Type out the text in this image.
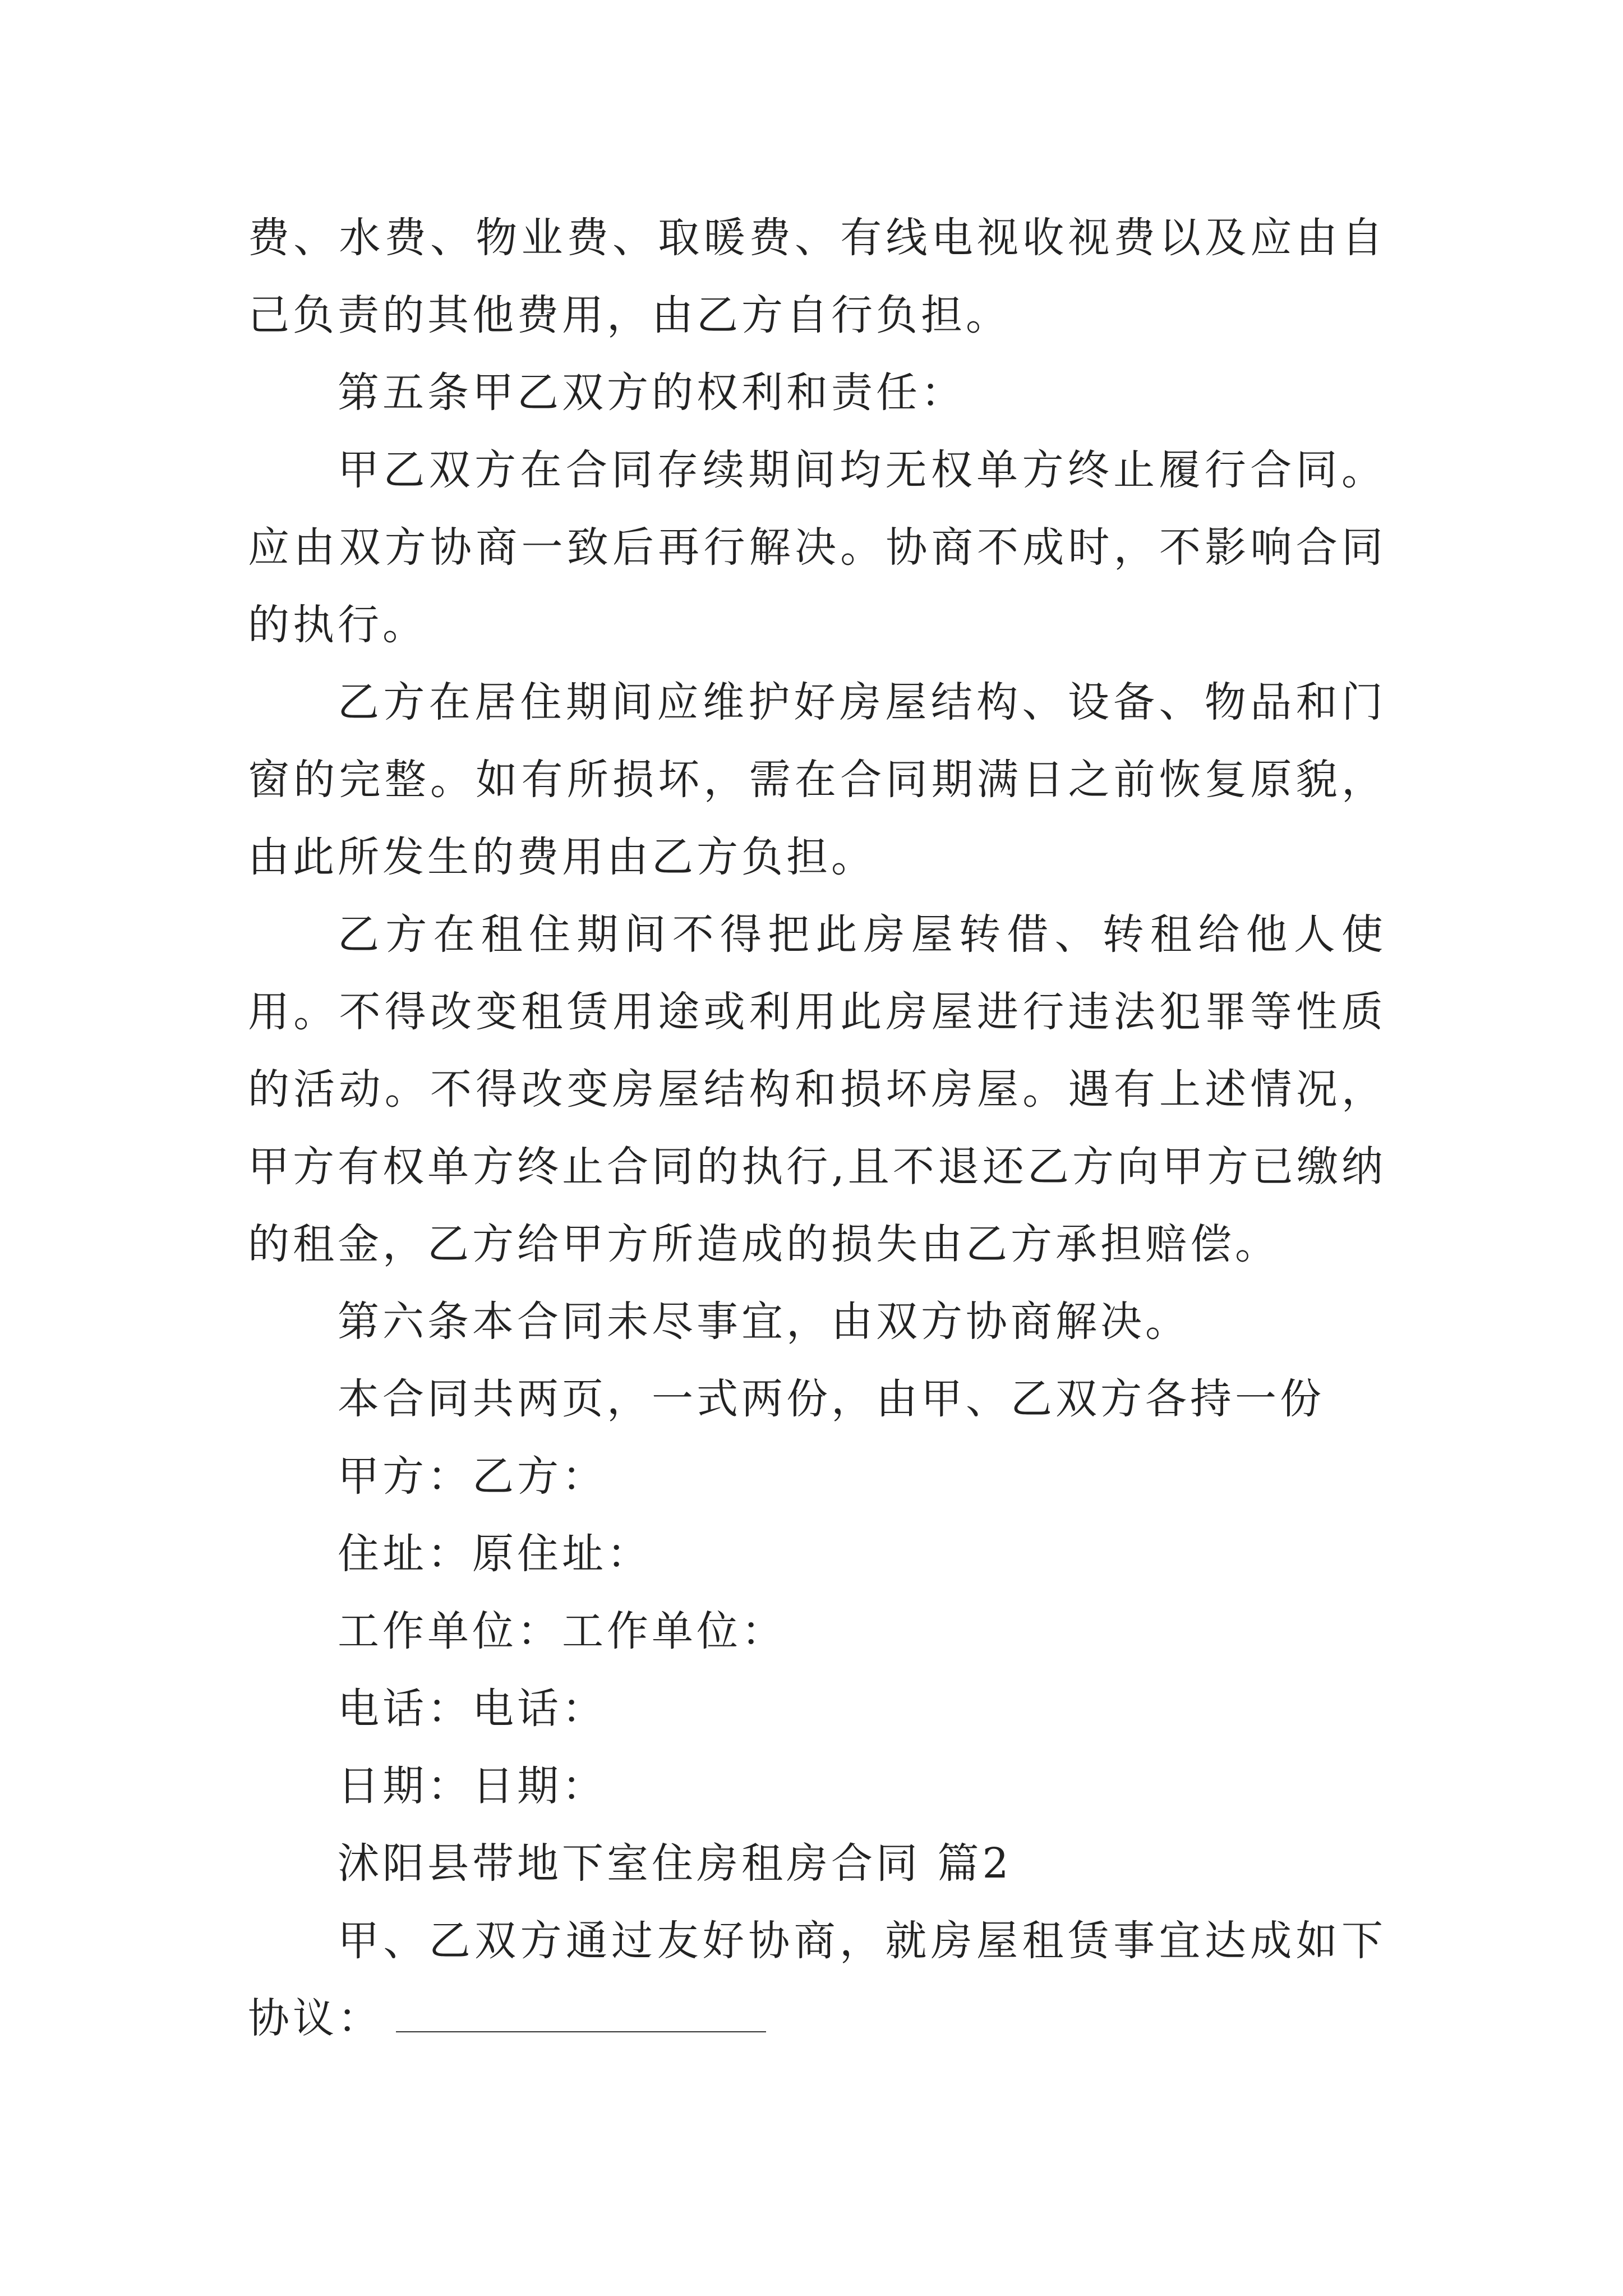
费、水费、物业费、取暖费、有线电视收视费以及应由自己负责的其他费用，由乙方自行负担。

第五条甲乙双方的权利和责任：

甲乙双方在合同存续期间均无权单方终止履行合同。应由双方协商一致后再行解决。协商不成时，不影响合同的执行。

乙方在居住期间应维护好房屋结构、设备、物品和门窗的完整。如有所损坏，需在合同期满日之前恢复原貌，由此所发生的费用由乙方负担。

乙方在租住期间不得把此房屋转借、转租给他人使用。不得改变租赁用途或利用此房屋进行违法犯罪等性质的活动。不得改变房屋结构和损坏房屋。遇有上述情况，甲方有权单方终止合同的执行,且不退还乙方向甲方已缴纳的租金，乙方给甲方所造成的损失由乙方承担赔偿。

第六条本合同未尽事宜，由双方协商解决。

本合同共两页，一式两份，由甲、乙双方各持一份

甲方：乙方：

住址：原住址：

工作单位：工作单位：

电话：电话：

日期：日期：

沭阳县带地下室住房租房合同 篇2

甲、乙双方通过友好协商，就房屋租赁事宜达成如下协议：
